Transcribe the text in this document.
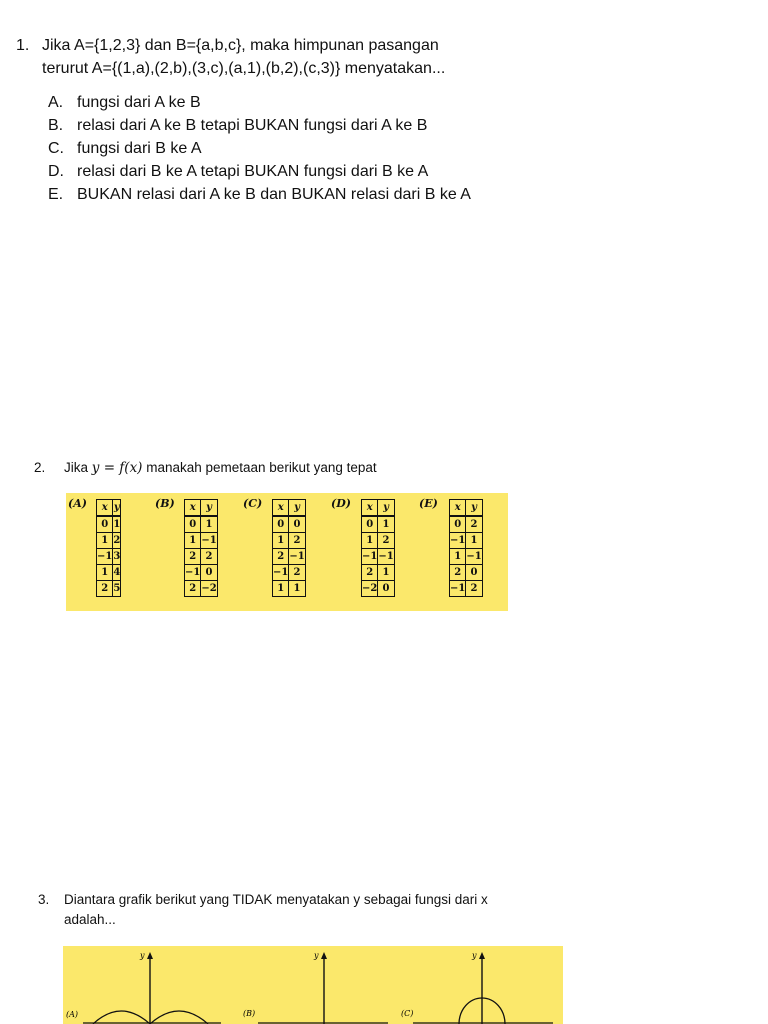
1. Jika A={1,2,3} dan B={a,b,c}, maka himpunan pasangan
terurut A={(1,a),(2,b),(3,c),(a,1),(b,2),(c,3)} menyatakan...
A. fungsi dari A ke B
B. relasi dari A ke B tetapi BUKAN fungsi dari A ke B
C. fungsi dari B ke A
D. relasi dari B ke A tetapi BUKAN fungsi dari B ke A
E. BUKAN relasi dari A ke B dan BUKAN relasi dari B ke A
2. Jika y = f(x) manakah pemetaan berikut yang tepat
(A) x	y
0	1
1	2
−1	3
1	4
2	5
(B) x	y
0	1
1	−1
2	2
−1	0
2	−2
(C) x	y
0	0
1	2
2	−1
−1	2
1	1
(D) x	y
0	1
1	2
−1	−1
2	1
−2	0
(E) x	y
0	2
−1	1
1	−1
2	0
−1	2
3. Diantara grafik berikut yang TIDAK menyatakan y sebagai fungsi dari x
adalah...
y
(A)
y
(B)
y
(C)
